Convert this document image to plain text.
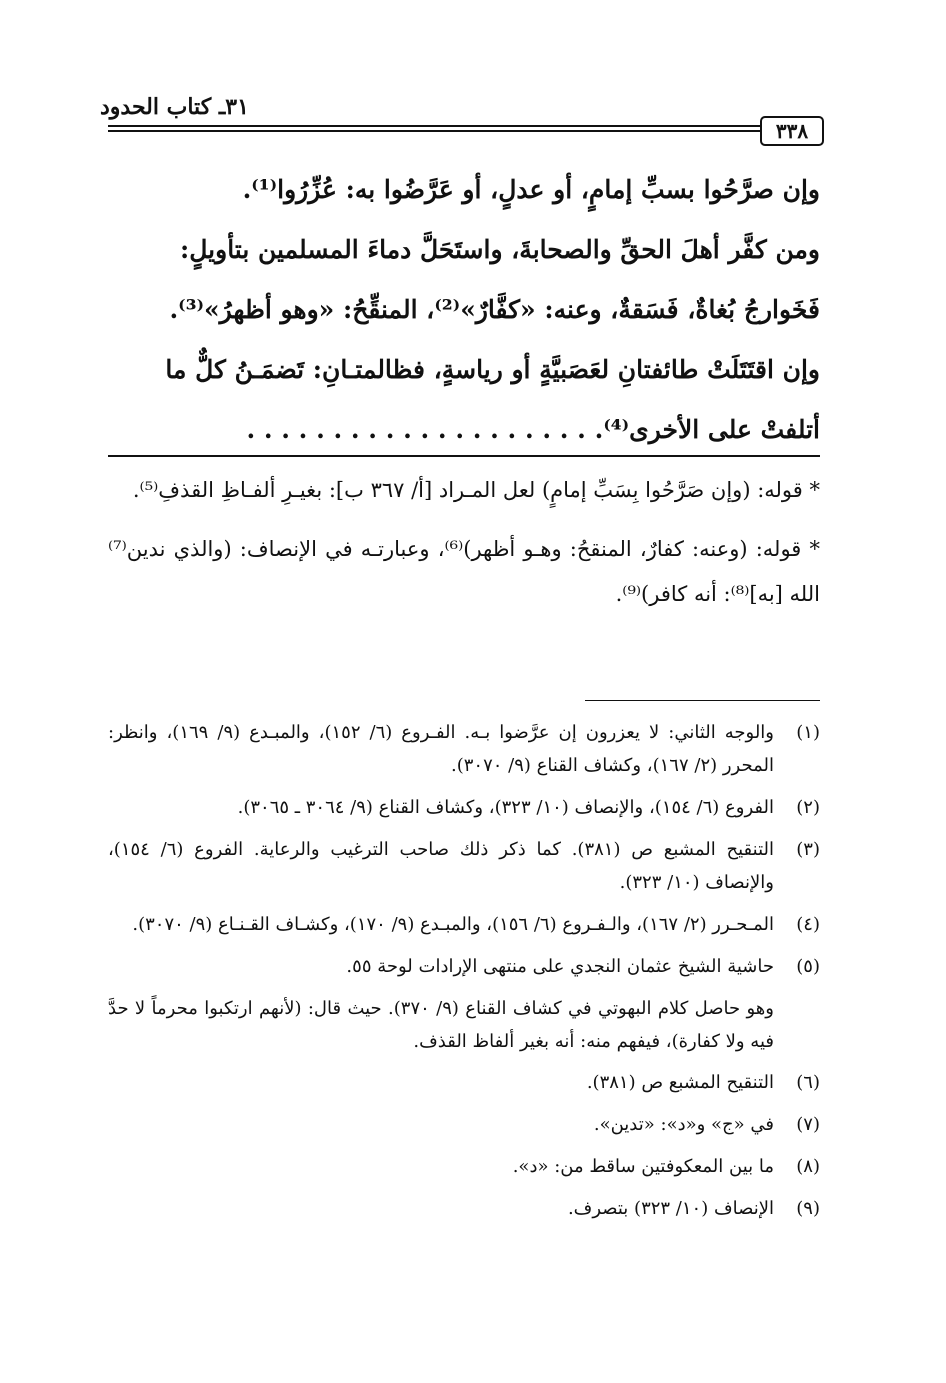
٣١ـ كتاب الحدود
٣٣٨

وإن صرَّحُوا بسبِّ إمامٍ، أو عدلٍ، أو عَرَّضُوا به: عُزِّرُوا⁽¹⁾.

ومن كفَّر أهلَ الحقِّ والصحابةَ، واستَحَلَّ دماءَ المسلمين بتأويلٍ: فَخَوارجُ بُغاةٌ، فَسَقةٌ، وعنه: «كفَّارٌ»⁽²⁾، المنقِّحُ: «وهو أظهرُ»⁽³⁾.

وإن اقتَتَلَتْ طائفتانِ لعَصَبيَّةٍ أو رياسةٍ، فظالمتـانِ: تَضمَـنُ كلٌّ ما أتلفتْ على الأخرى⁽⁴⁾. . . . . . . . . . . . . . . . . . . . .

* قوله: (وإن صَرَّحُوا بِسَبِّ إمامٍ) لعل المـراد [أ/ ٣٦٧ ب]: بغيـرِ ألفـاظِ القذفِ⁽⁵⁾.

* قوله: (وعنه: كفارٌ، المنقحُ: وهـو أظهر)⁽⁶⁾، وعبارتـه في الإنصاف: (والذي ندين⁽⁷⁾ الله [به]⁽⁸⁾: أنه كافر)⁽⁹⁾.

(١)
والوجه الثاني: لا يعزرون إن عرَّضوا بـه. الفـروع (٦/ ١٥٢)، والمبـدع (٩/ ١٦٩)، وانظر: المحرر (٢/ ١٦٧)، وكشاف القناع (٩/ ٣٠٧٠).
(٢)
الفروع (٦/ ١٥٤)، والإنصاف (١٠/ ٣٢٣)، وكشاف القناع (٩/ ٣٠٦٤ ـ ٣٠٦٥).
(٣)
التنقيح المشبع ص (٣٨١). كما ذكر ذلك صاحب الترغيب والرعاية. الفروع (٦/ ١٥٤)، والإنصاف (١٠/ ٣٢٣).
(٤)
المـحـرر (٢/ ١٦٧)، والـفـروع (٦/ ١٥٦)، والمبـدع (٩/ ١٧٠)، وكشـاف القـنـاع (٩/ ٣٠٧٠).
(٥)
حاشية الشيخ عثمان النجدي على منتهى الإرادات لوحة ٥٥.
وهو حاصل كلام البهوتي في كشاف القناع (٩/ ٣٧٠). حيث قال: (لأنهم ارتكبوا محرماً لا حدَّ فيه ولا كفارة)، فيفهم منه: أنه بغير ألفاظ القذف.
(٦)
التنقيح المشبع ص (٣٨١).
(٧)
في «ج» و«د»: «تدين».
(٨)
ما بين المعكوفتين ساقط من: «د».
(٩)
الإنصاف (١٠/ ٣٢٣) بتصرف.
